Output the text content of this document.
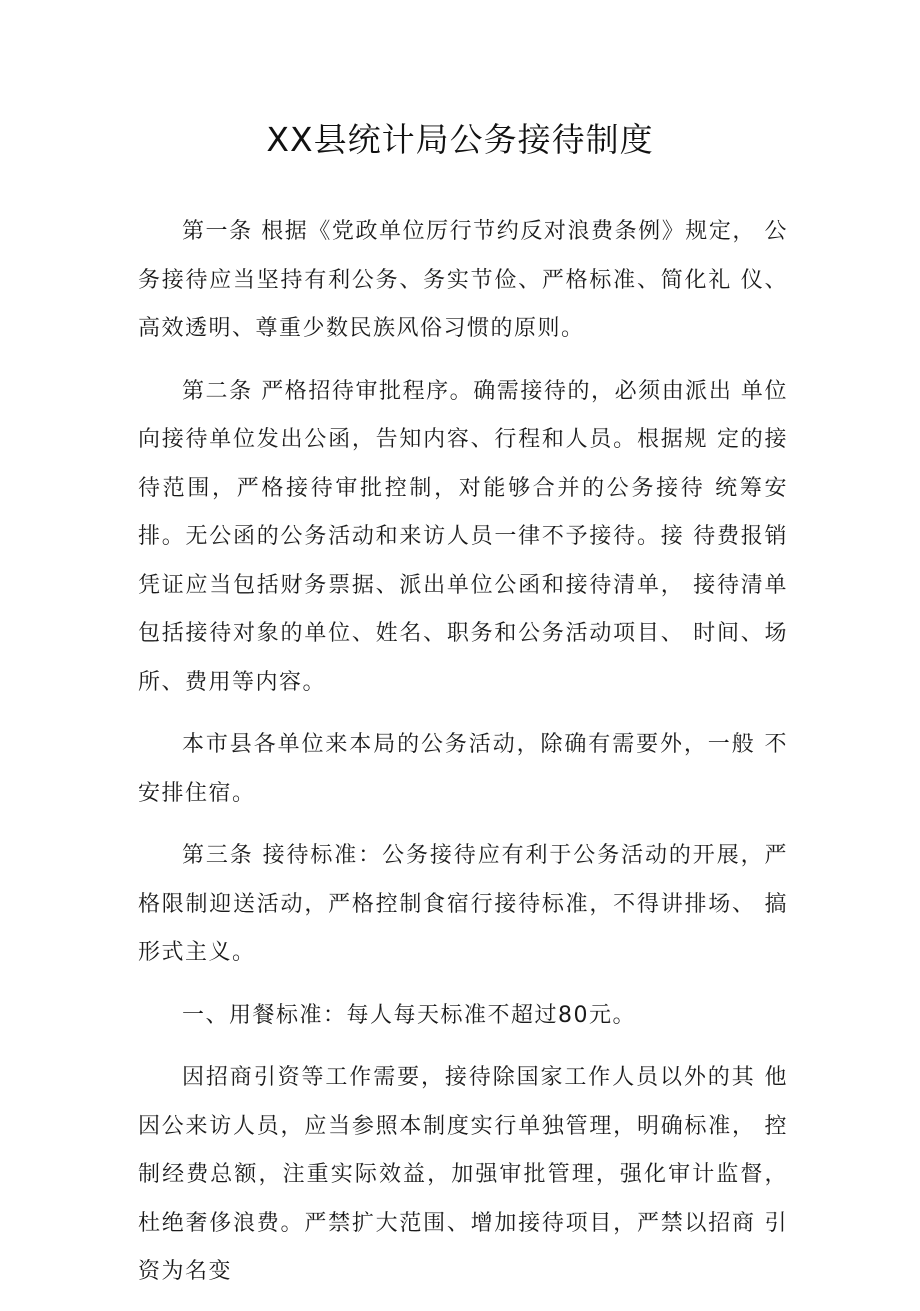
XX县统计局公务接待制度

第一条 根据《党政单位厉行节约反对浪费条例》规定， 公务接待应当坚持有利公务、务实节俭、严格标准、简化礼 仪、高效透明、尊重少数民族风俗习惯的原则。

第二条 严格招待审批程序。确需接待的，必须由派出 单位向接待单位发出公函，告知内容、行程和人员。根据规 定的接待范围，严格接待审批控制，对能够合并的公务接待 统筹安排。无公函的公务活动和来访人员一律不予接待。接 待费报销凭证应当包括财务票据、派出单位公函和接待清单， 接待清单包括接待对象的单位、姓名、职务和公务活动项目、 时间、场所、费用等内容。

本市县各单位来本局的公务活动，除确有需要外，一般 不安排住宿。

第三条 接待标准：公务接待应有利于公务活动的开展，严格限制迎送活动，严格控制食宿行接待标准，不得讲排场、 搞形式主义。

一、用餐标准：每人每天标准不超过80元。

因招商引资等工作需要，接待除国家工作人员以外的其 他因公来访人员，应当参照本制度实行单独管理，明确标准， 控制经费总额，注重实际效益，加强审批管理，强化审计监督， 杜绝奢侈浪费。严禁扩大范围、增加接待项目，严禁以招商 引资为名变
